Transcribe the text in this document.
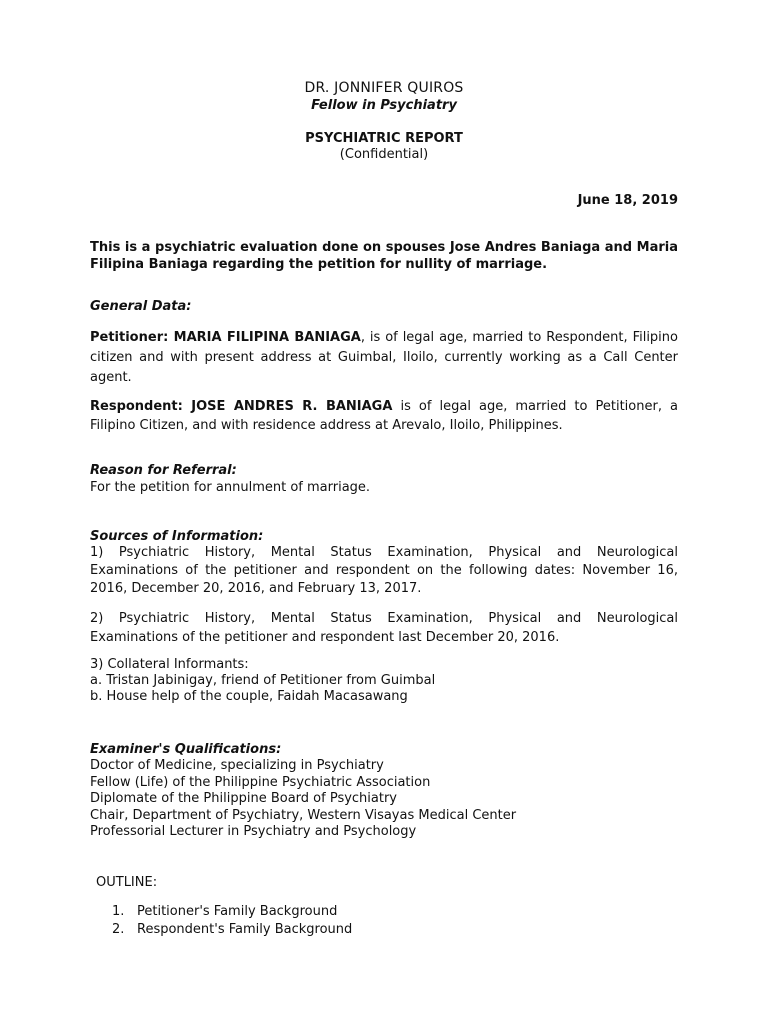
DR. JONNIFER QUIROS
Fellow in Psychiatry
PSYCHIATRIC REPORT
(Confidential)
June 18, 2019
This is a psychiatric evaluation done on spouses Jose Andres Baniaga and Maria Filipina Baniaga regarding the petition for nullity of marriage.
General Data:
Petitioner: MARIA FILIPINA BANIAGA, is of legal age, married to Respondent, Filipino citizen and with present address at Guimbal, Iloilo, currently working as a Call Center agent.
Respondent: JOSE ANDRES R. BANIAGA is of legal age, married to Petitioner, a Filipino Citizen, and with residence address at Arevalo, Iloilo, Philippines.
Reason for Referral:
For the petition for annulment of marriage.
Sources of Information:
1) Psychiatric History, Mental Status Examination, Physical and Neurological Examinations of the petitioner and respondent on the following dates: November 16, 2016, December 20, 2016, and February 13, 2017.
2) Psychiatric History, Mental Status Examination, Physical and Neurological Examinations of the petitioner and respondent last December 20, 2016.
3) Collateral Informants:
a. Tristan Jabinigay, friend of Petitioner from Guimbal
b. House help of the couple, Faidah Macasawang
Examiner's Qualifications:
Doctor of Medicine, specializing in Psychiatry
Fellow (Life) of the Philippine Psychiatric Association
Diplomate of the Philippine Board of Psychiatry
Chair, Department of Psychiatry, Western Visayas Medical Center
Professorial Lecturer in Psychiatry and Psychology
OUTLINE:
1. Petitioner's Family Background
2. Respondent's Family Background
